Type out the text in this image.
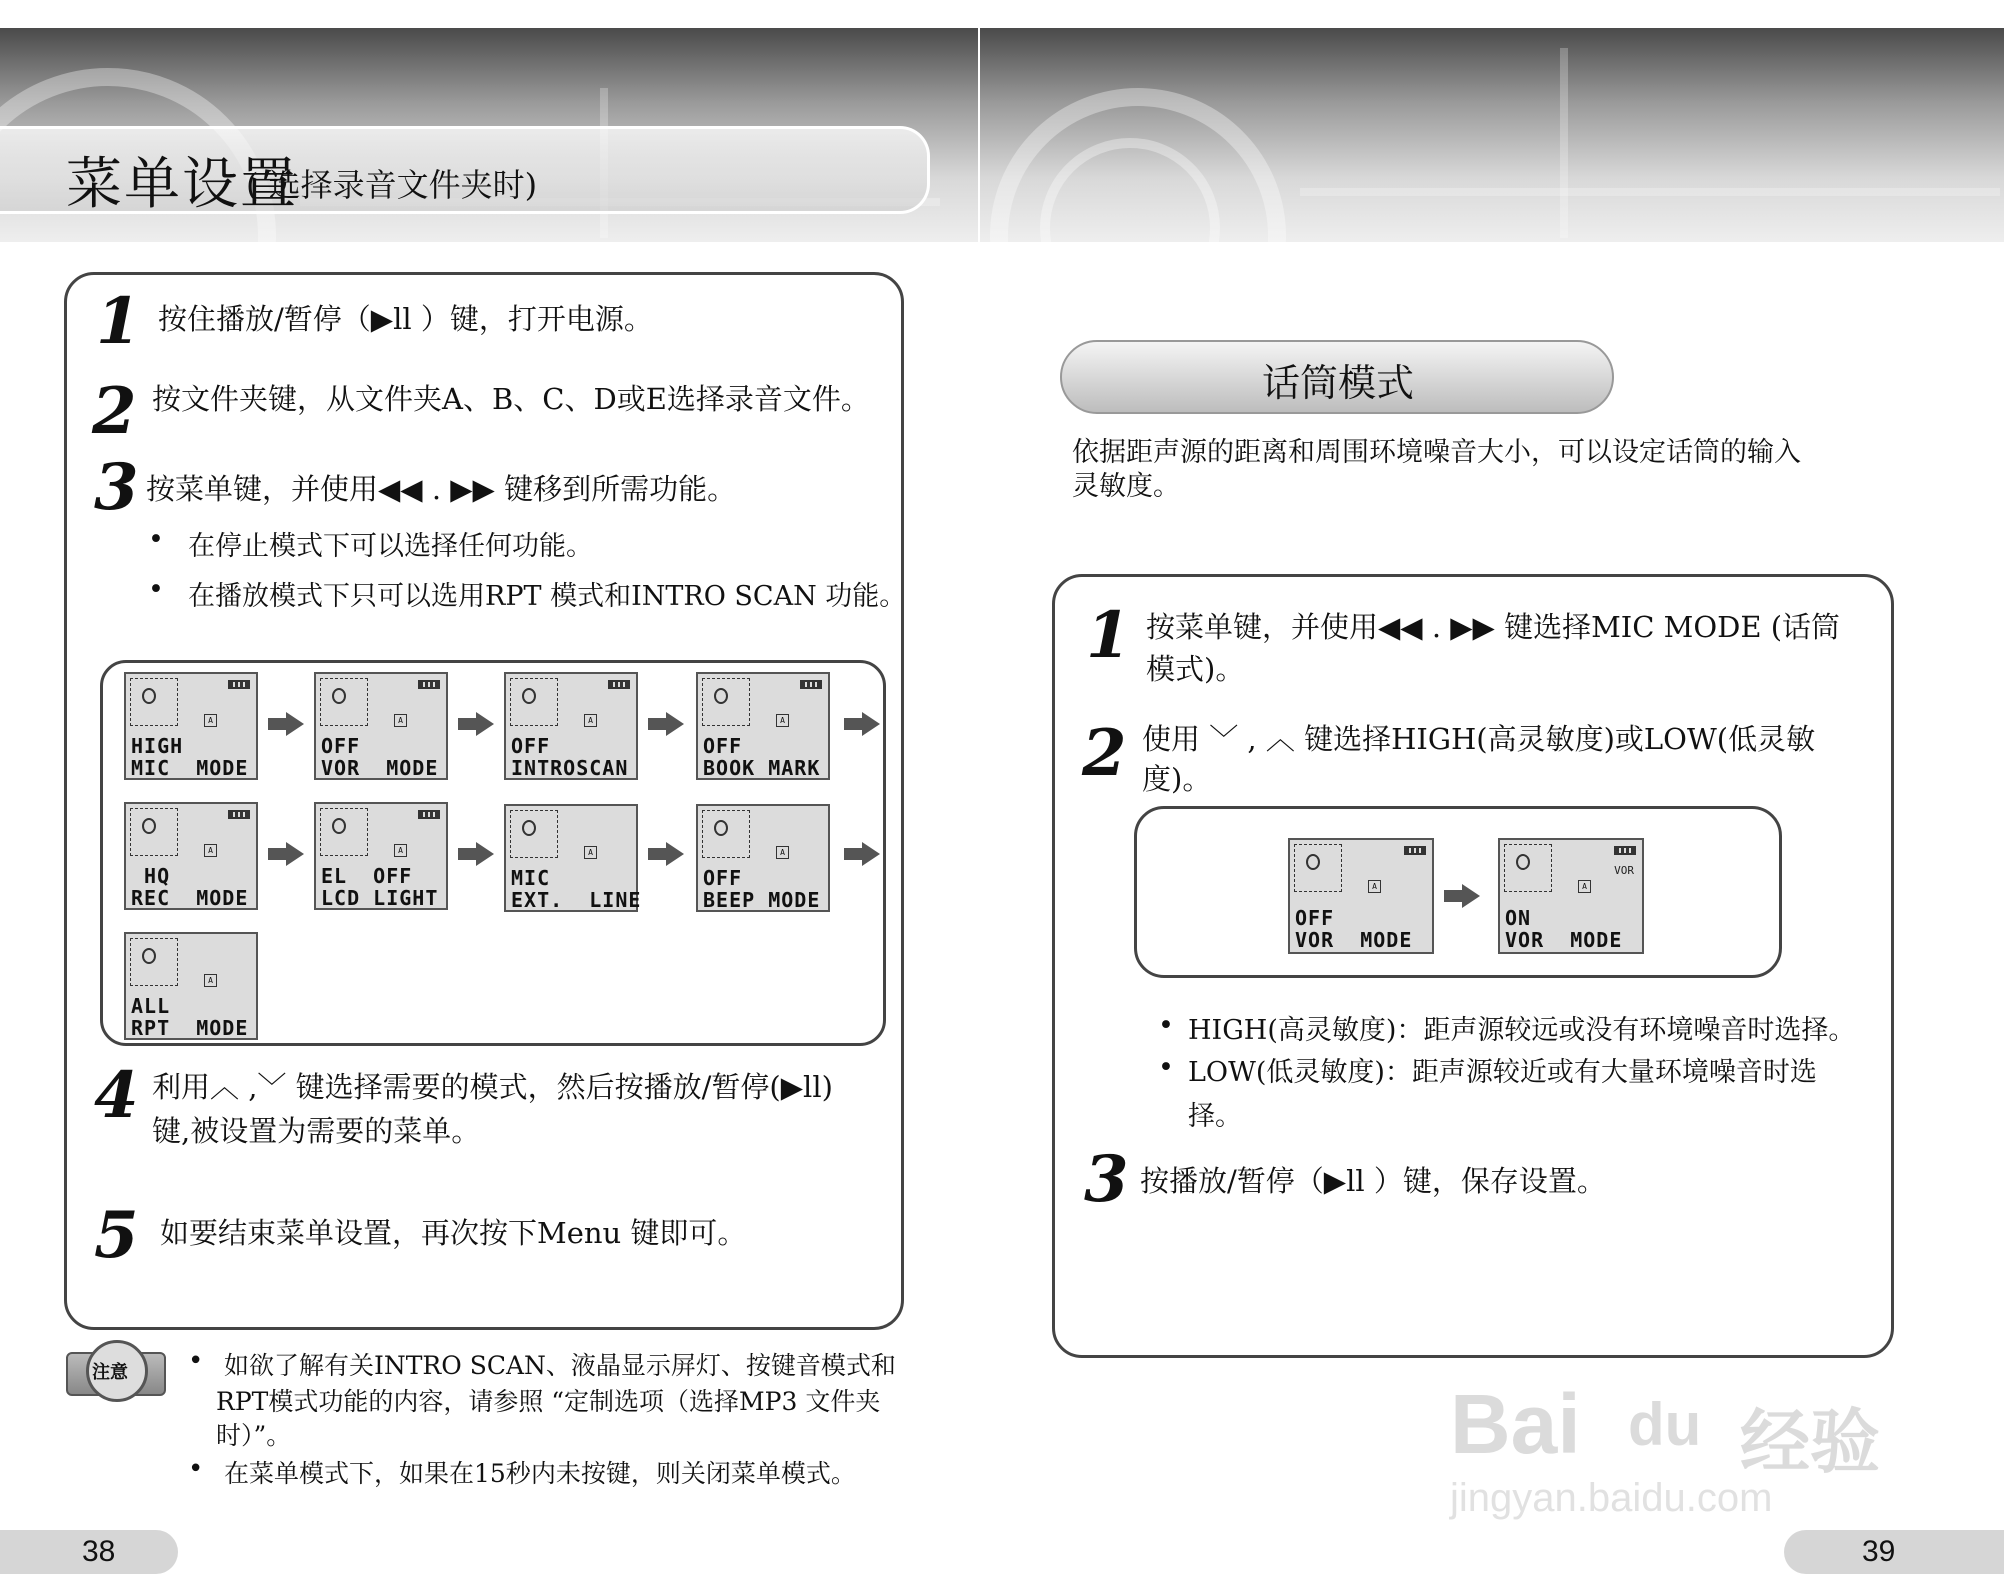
菜单设置
( 选择录音文件夹时)
1 按住播放/暂停（▶ll ）键，打开电源。
2 按文件夹键，从文件夹A、B、C、D或E选择录音文件。
3 按菜单键，并使用◀◀ . ▶▶ 键移到所需功能。
• 在停止模式下可以选择任何功能。
• 在播放模式下只可以选用RPT 模式和INTRO SCAN 功能。
A
HIGH
MIC  MODE
A
OFF
VOR  MODE
A
OFF
INTROSCAN
A
OFF
BOOK MARK
A
HQ
REC  MODE
A
EL  OFF
LCD LIGHT
A
MIC
EXT.  LINE
A
OFF
BEEP MODE
A
ALL
RPT  MODE
4 利用︿ ,﹀ 键选择需要的模式，然后按播放/暂停(▶ll)
键,被设置为需要的菜单。
5 如要结束菜单设置，再次按下Menu 键即可。
注意 • 如欲了解有关INTRO SCAN、液晶显示屏灯、按键音模式和
RPT模式功能的内容，请参照 “定制选项（选择MP3 文件夹
时）”。
• 在菜单模式下，如果在15秒内未按键，则关闭菜单模式。
38
话筒模式
依据距声源的距离和周围环境噪音大小，可以设定话筒的输入
灵敏度。
1 按菜单键，并使用◀◀ . ▶▶ 键选择MIC MODE (话筒
模式)。
2 使用 ﹀ , ︿ 键选择HIGH(高灵敏度)或LOW(低灵敏
度)。
A
OFF
VOR  MODE
A
VOR
ON
VOR  MODE
• HIGH(高灵敏度)：距声源较远或没有环境噪音时选择。
• LOW(低灵敏度)：距声源较近或有大量环境噪音时选
择。
3 按播放/暂停（▶ll ）键，保存设置。
Bai du 经验
jingyan.baidu.com
39
